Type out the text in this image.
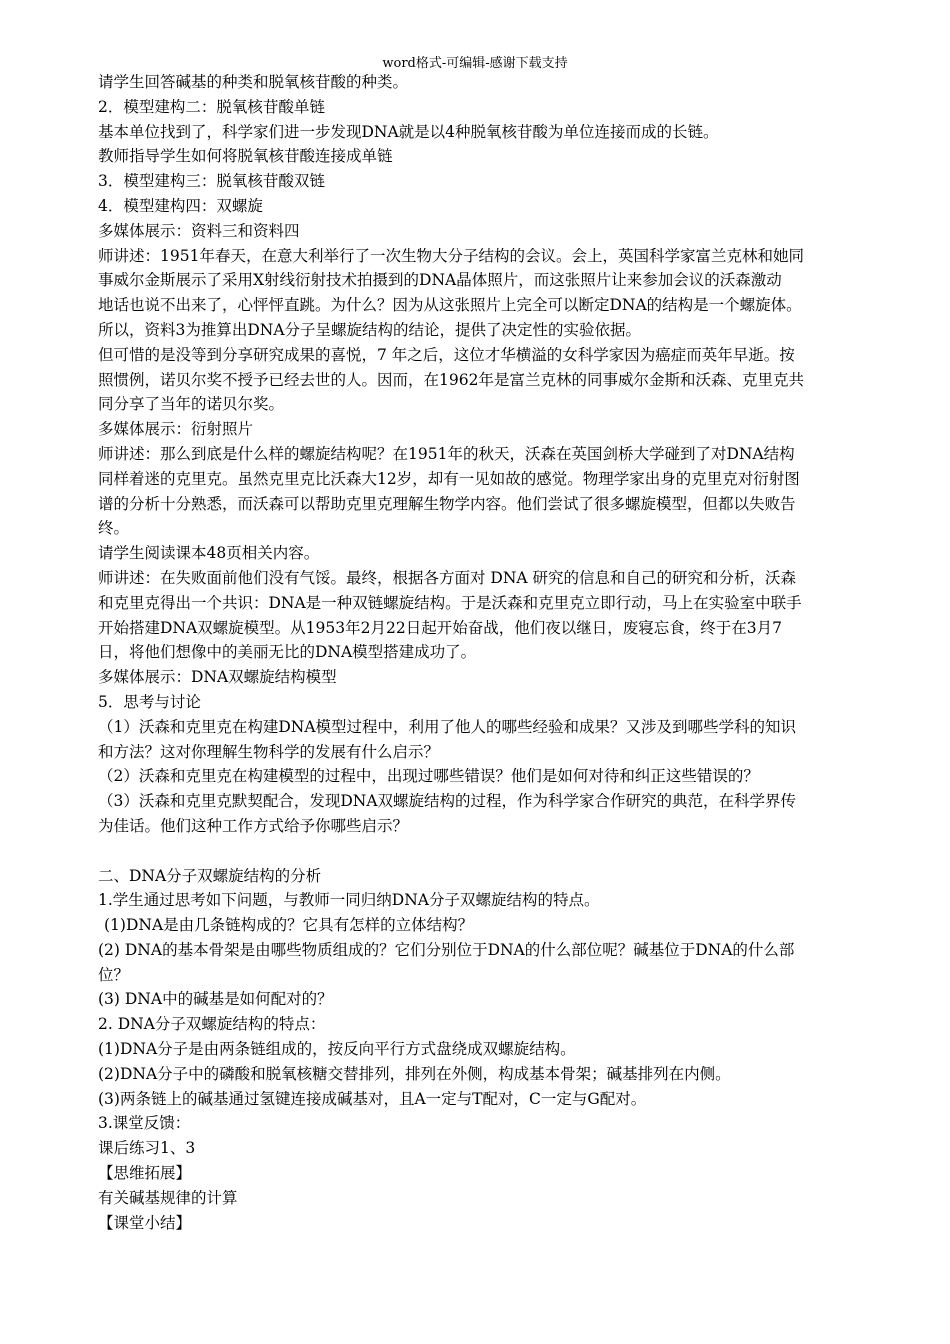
word格式-可编辑-感谢下载支持
请学生回答碱基的种类和脱氧核苷酸的种类。
2．模型建构二：脱氧核苷酸单链
基本单位找到了，科学家们进一步发现DNA就是以4种脱氧核苷酸为单位连接而成的长链。
教师指导学生如何将脱氧核苷酸连接成单链
3．模型建构三：脱氧核苷酸双链
4．模型建构四：双螺旋
多媒体展示：资料三和资料四
师讲述：1951年春天，在意大利举行了一次生物大分子结构的会议。会上，英国科学家富兰克林和她同
事威尔金斯展示了采用X射线衍射技术拍摄到的DNA晶体照片，而这张照片让来参加会议的沃森激动
地话也说不出来了，心怦怦直跳。为什么？因为从这张照片上完全可以断定DNA的结构是一个螺旋体。
所以，资料3为推算出DNA分子呈螺旋结构的结论，提供了决定性的实验依据。
但可惜的是没等到分享研究成果的喜悦，7 年之后，这位才华横溢的女科学家因为癌症而英年早逝。按
照惯例，诺贝尔奖不授予已经去世的人。因而，在1962年是富兰克林的同事威尔金斯和沃森、克里克共
同分享了当年的诺贝尔奖。
多媒体展示：衍射照片
师讲述：那么到底是什么样的螺旋结构呢？在1951年的秋天，沃森在英国剑桥大学碰到了对DNA结构
同样着迷的克里克。虽然克里克比沃森大12岁，却有一见如故的感觉。物理学家出身的克里克对衍射图
谱的分析十分熟悉，而沃森可以帮助克里克理解生物学内容。他们尝试了很多螺旋模型，但都以失败告
终。
请学生阅读课本48页相关内容。
师讲述：在失败面前他们没有气馁。最终，根据各方面对 DNA 研究的信息和自己的研究和分析，沃森
和克里克得出一个共识：DNA是一种双链螺旋结构。于是沃森和克里克立即行动，马上在实验室中联手
开始搭建DNA双螺旋模型。从1953年2月22日起开始奋战，他们夜以继日，废寝忘食，终于在3月7
日，将他们想像中的美丽无比的DNA模型搭建成功了。
多媒体展示：DNA双螺旋结构模型
5．思考与讨论
（1）沃森和克里克在构建DNA模型过程中，利用了他人的哪些经验和成果？又涉及到哪些学科的知识
和方法？这对你理解生物科学的发展有什么启示？
（2）沃森和克里克在构建模型的过程中，出现过哪些错误？他们是如何对待和纠正这些错误的？
（3）沃森和克里克默契配合，发现DNA双螺旋结构的过程，作为科学家合作研究的典范，在科学界传
为佳话。他们这种工作方式给予你哪些启示？
二、DNA分子双螺旋结构的分析
1.学生通过思考如下问题，与教师一同归纳DNA分子双螺旋结构的特点。
(1)DNA是由几条链构成的？它具有怎样的立体结构？
(2) DNA的基本骨架是由哪些物质组成的？它们分别位于DNA的什么部位呢？碱基位于DNA的什么部
位？
(3) DNA中的碱基是如何配对的？
2. DNA分子双螺旋结构的特点：
(1)DNA分子是由两条链组成的，按反向平行方式盘绕成双螺旋结构。
(2)DNA分子中的磷酸和脱氧核糖交替排列，排列在外侧，构成基本骨架；碱基排列在内侧。
(3)两条链上的碱基通过氢键连接成碱基对，且A一定与T配对，C一定与G配对。
3.课堂反馈：
课后练习1、3
【思维拓展】
有关碱基规律的计算
【课堂小结】
